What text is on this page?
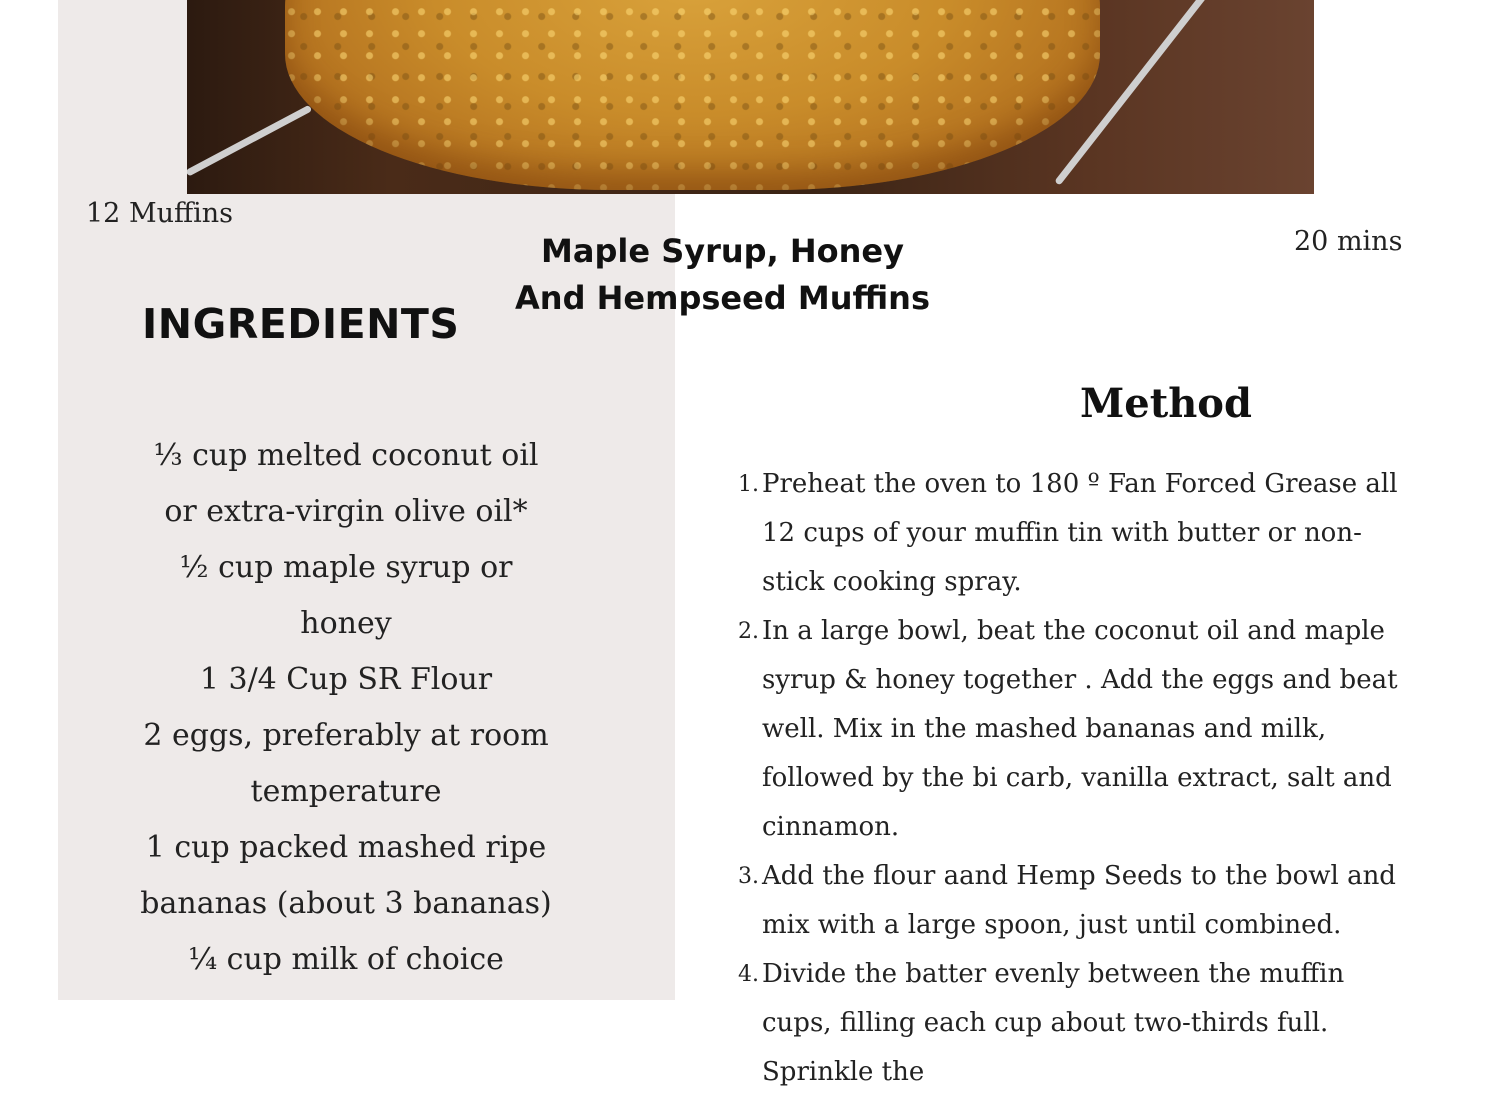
12 Muffins
20 mins
Maple Syrup, Honey
And Hempseed Muffins
INGREDIENTS
⅓ cup melted coconut oil
or extra-virgin olive oil*
½ cup maple syrup or
honey
1 3/4 Cup SR Flour
2 eggs, preferably at room
temperature
1 cup packed mashed ripe
bananas (about 3 bananas)
¼ cup milk of choice
Method
1. Preheat the oven to 180 º Fan Forced Grease all 12 cups of your muffin tin with butter or non-stick cooking spray.
2. In a large bowl, beat the coconut oil and maple syrup & honey together . Add the eggs and beat well. Mix in the mashed bananas and milk, followed by the bi carb, vanilla extract, salt and cinnamon.
3. Add the flour aand Hemp Seeds to the bowl and mix with a large spoon, just until combined.
4. Divide the batter evenly between the muffin cups, filling each cup about two-thirds full. Sprinkle the
